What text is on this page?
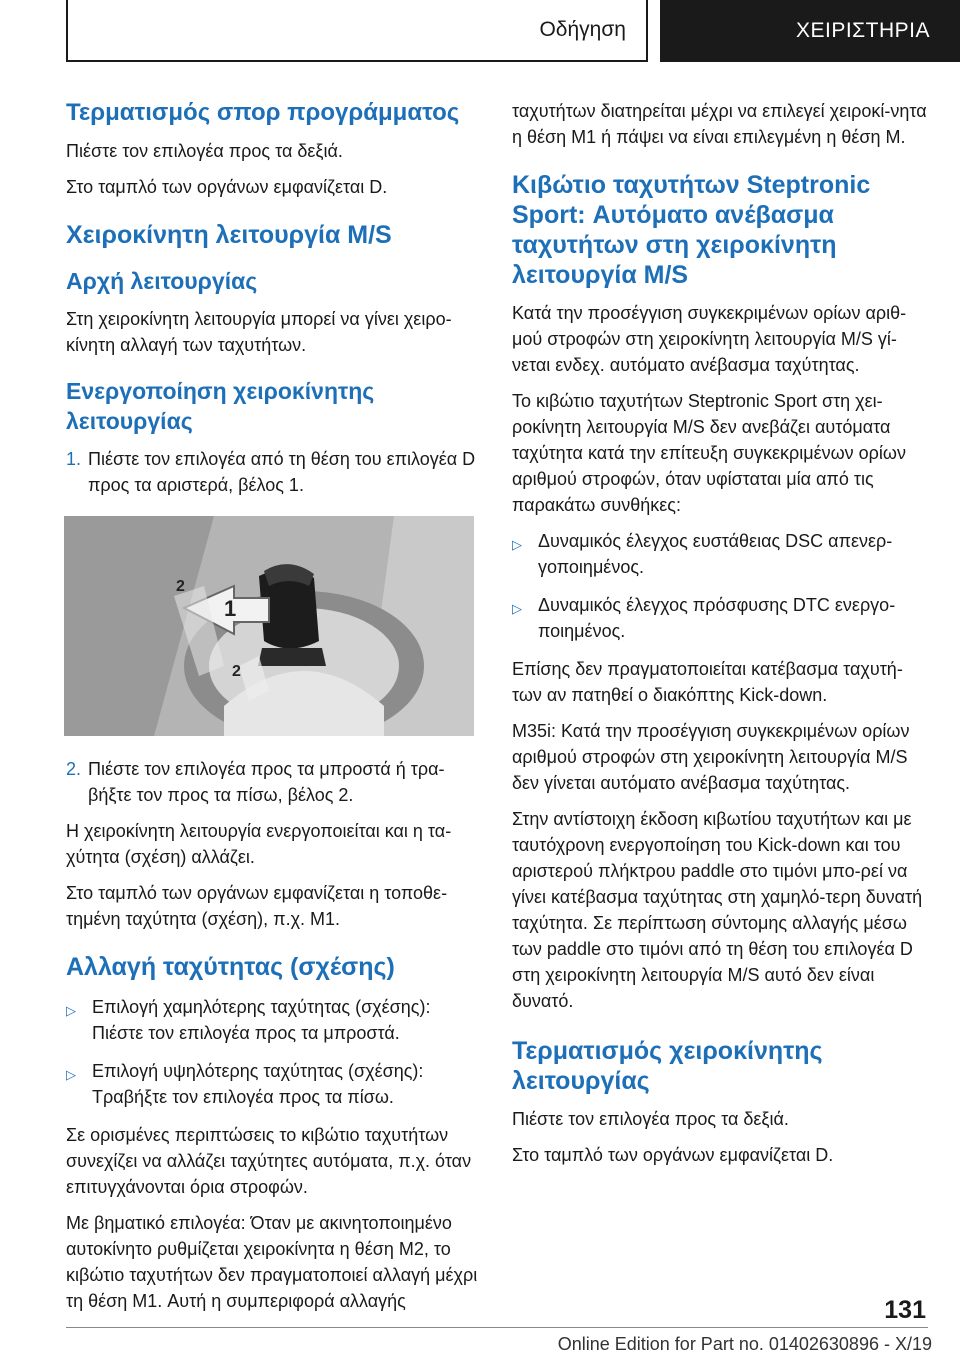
Οδήγηση	ΧΕΙΡΙΣΤΗΡΙΑ
Τερματισμός σπορ προγράμματος

Πιέστε τον επιλογέα προς τα δεξιά.

Στο ταμπλό των οργάνων εμφανίζεται D.

Χειροκίνητη λειτουργία M/S
Αρχή λειτουργίας

Στη χειροκίνητη λειτουργία μπορεί να γίνει χειρο-κίνητη αλλαγή των ταχυτήτων.

Ενεργοποίηση χειροκίνητης λειτουργίας
1. Πιέστε τον επιλογέα από τη θέση του επιλογέα D προς τα αριστερά, βέλος 1.
1
2
2
2. Πιέστε τον επιλογέα προς τα μπροστά ή τρα-βήξτε τον προς τα πίσω, βέλος 2.

Η χειροκίνητη λειτουργία ενεργοποιείται και η τα-χύτητα (σχέση) αλλάζει.

Στο ταμπλό των οργάνων εμφανίζεται η τοποθε-τημένη ταχύτητα (σχέση), π.χ. M1.

Αλλαγή ταχύτητας (σχέσης)
▷ Επιλογή χαμηλότερης ταχύτητας (σχέσης): Πιέστε τον επιλογέα προς τα μπροστά.
▷ Επιλογή υψηλότερης ταχύτητας (σχέσης): Τραβήξτε τον επιλογέα προς τα πίσω.

Σε ορισμένες περιπτώσεις το κιβώτιο ταχυτήτων συνεχίζει να αλλάζει ταχύτητες αυτόματα, π.χ. όταν επιτυγχάνονται όρια στροφών.

Με βηματικό επιλογέα: Όταν με ακινητοποιημένο αυτοκίνητο ρυθμίζεται χειροκίνητα η θέση M2, το κιβώτιο ταχυτήτων δεν πραγματοποιεί αλλαγή μέχρι τη θέση M1. Αυτή η συμπεριφορά αλλαγής

ταχυτήτων διατηρείται μέχρι να επιλεγεί χειροκί-νητα η θέση M1 ή πάψει να είναι επιλεγμένη η θέση M.

Κιβώτιο ταχυτήτων Steptronic Sport: Αυτόματο ανέβασμα ταχυτήτων στη χειροκίνητη λειτουργία M/S

Κατά την προσέγγιση συγκεκριμένων ορίων αριθ-μού στροφών στη χειροκίνητη λειτουργία M/S γί-νεται ενδεχ. αυτόματο ανέβασμα ταχύτητας.

Το κιβώτιο ταχυτήτων Steptronic Sport στη χει-ροκίνητη λειτουργία M/S δεν ανεβάζει αυτόματα ταχύτητα κατά την επίτευξη συγκεκριμένων ορίων αριθμού στροφών, όταν υφίσταται μία από τις παρακάτω συνθήκες:

▷ Δυναμικός έλεγχος ευστάθειας DSC απενερ-γοποιημένος.
▷ Δυναμικός έλεγχος πρόσφυσης DTC ενεργο-ποιημένος.

Επίσης δεν πραγματοποιείται κατέβασμα ταχυτή-των αν πατηθεί ο διακόπτης Kick-down.

M35i: Κατά την προσέγγιση συγκεκριμένων ορίων αριθμού στροφών στη χειροκίνητη λειτουργία M/S δεν γίνεται αυτόματο ανέβασμα ταχύτητας.

Στην αντίστοιχη έκδοση κιβωτίου ταχυτήτων και με ταυτόχρονη ενεργοποίηση του Kick-down και του αριστερού πλήκτρου paddle στο τιμόνι μπο-ρεί να γίνει κατέβασμα ταχύτητας στη χαμηλό-τερη δυνατή ταχύτητα. Σε περίπτωση σύντομης αλλαγής μέσω των paddle στο τιμόνι από τη θέση του επιλογέα D στη χειροκίνητη λειτουργία M/S αυτό δεν είναι δυνατό.

Τερματισμός χειροκίνητης λειτουργίας

Πιέστε τον επιλογέα προς τα δεξιά.

Στο ταμπλό των οργάνων εμφανίζεται D.

131
Online Edition for Part no. 01402630896 - X/19
